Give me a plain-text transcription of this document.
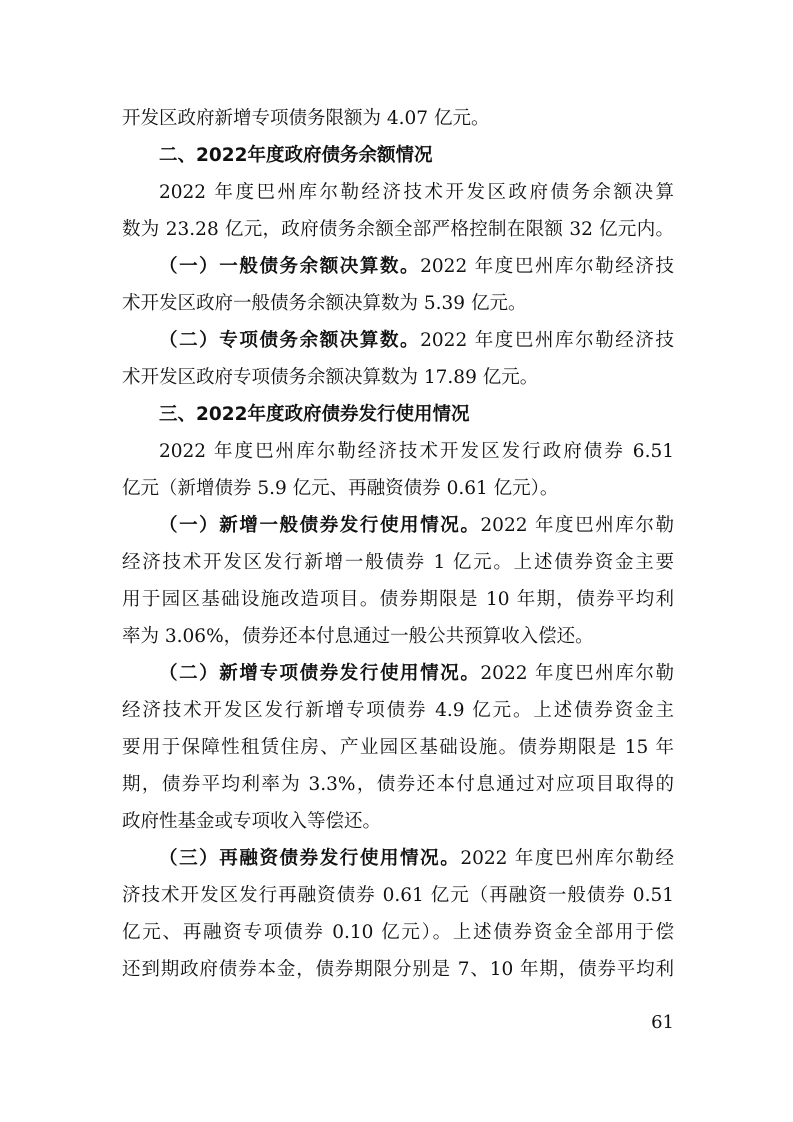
开发区政府新增专项债务限额为 4.07 亿元。
二、2022年度政府债务余额情况
2022 年度巴州库尔勒经济技术开发区政府债务余额决算
数为 23.28 亿元，政府债务余额全部严格控制在限额 32 亿元内。
（一）一般债务余额决算数。2022 年度巴州库尔勒经济技
术开发区政府一般债务余额决算数为 5.39 亿元。
（二）专项债务余额决算数。2022 年度巴州库尔勒经济技
术开发区政府专项债务余额决算数为 17.89 亿元。
三、2022年度政府债券发行使用情况
2022 年度巴州库尔勒经济技术开发区发行政府债券 6.51
亿元（新增债券 5.9 亿元、再融资债券 0.61 亿元）。
（一）新增一般债券发行使用情况。2022 年度巴州库尔勒
经济技术开发区发行新增一般债券 1 亿元。上述债券资金主要
用于园区基础设施改造项目。债券期限是 10 年期，债券平均利
率为 3.06%，债券还本付息通过一般公共预算收入偿还。
（二）新增专项债券发行使用情况。2022 年度巴州库尔勒
经济技术开发区发行新增专项债券 4.9 亿元。上述债券资金主
要用于保障性租赁住房、产业园区基础设施。债券期限是 15 年
期，债券平均利率为 3.3%，债券还本付息通过对应项目取得的
政府性基金或专项收入等偿还。
（三）再融资债券发行使用情况。2022 年度巴州库尔勒经
济技术开发区发行再融资债券 0.61 亿元（再融资一般债券 0.51
亿元、再融资专项债券 0.10 亿元）。上述债券资金全部用于偿
还到期政府债券本金，债券期限分别是 7、10 年期，债券平均利
61
